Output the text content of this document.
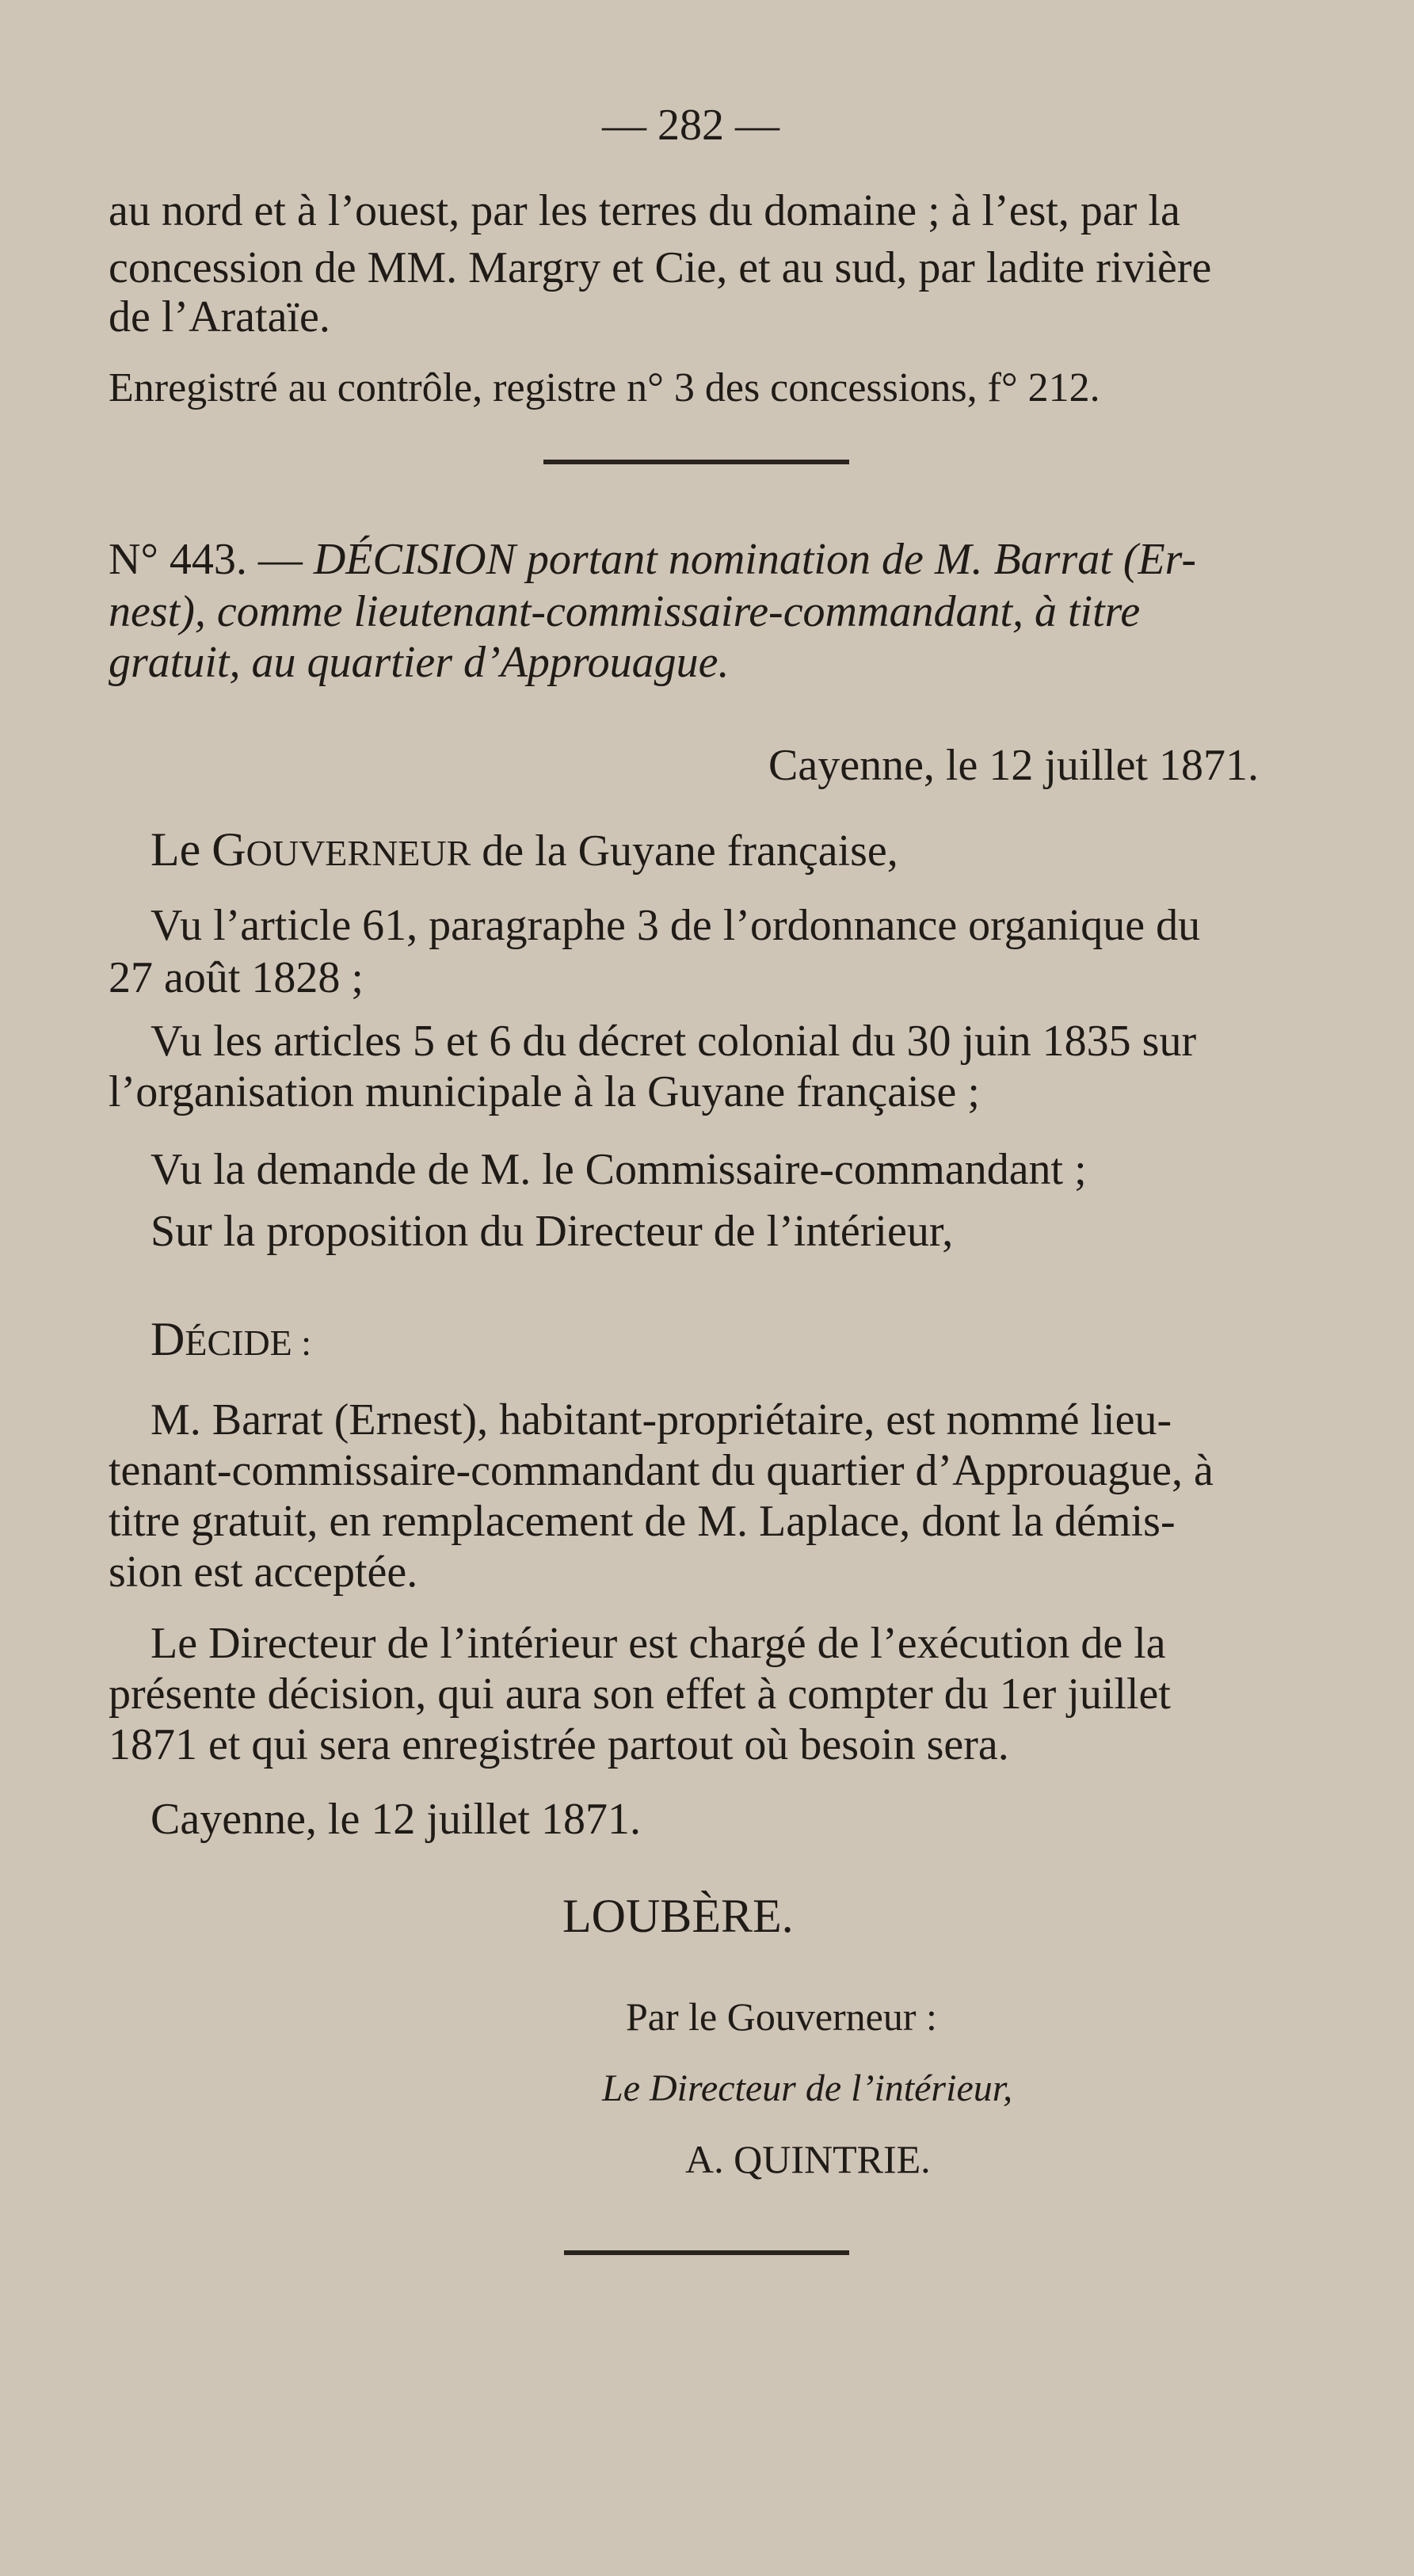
— 282 —

au nord et à l’ouest, par les terres du domaine ; à l’est, par la

concession de MM. Margry et Cie, et au sud, par ladite rivière

de l’Arataïe.

Enregistré au contrôle, registre n° 3 des concessions, f° 212.

N° 443. — DÉCISION portant nomination de M. Barrat (Er-

nest), comme lieutenant-commissaire-commandant, à titre

gratuit, au quartier d’Approuague.

Cayenne, le 12 juillet 1871.

Le GOUVERNEUR de la Guyane française,

Vu l’article 61, paragraphe 3 de l’ordonnance organique du

27 août 1828 ;

Vu les articles 5 et 6 du décret colonial du 30 juin 1835 sur

l’organisation municipale à la Guyane française ;

Vu la demande de M. le Commissaire-commandant ;

Sur la proposition du Directeur de l’intérieur,

DÉCIDE :

M. Barrat (Ernest), habitant-propriétaire, est nommé lieu-

tenant-commissaire-commandant du quartier d’Approuague, à

titre gratuit, en remplacement de M. Laplace, dont la démis-

sion est acceptée.

Le Directeur de l’intérieur est chargé de l’exécution de la

présente décision, qui aura son effet à compter du 1er juillet

1871 et qui sera enregistrée partout où besoin sera.

Cayenne, le 12 juillet 1871.

LOUBÈRE.

Par le Gouverneur :

Le Directeur de l’intérieur,

A. QUINTRIE.
